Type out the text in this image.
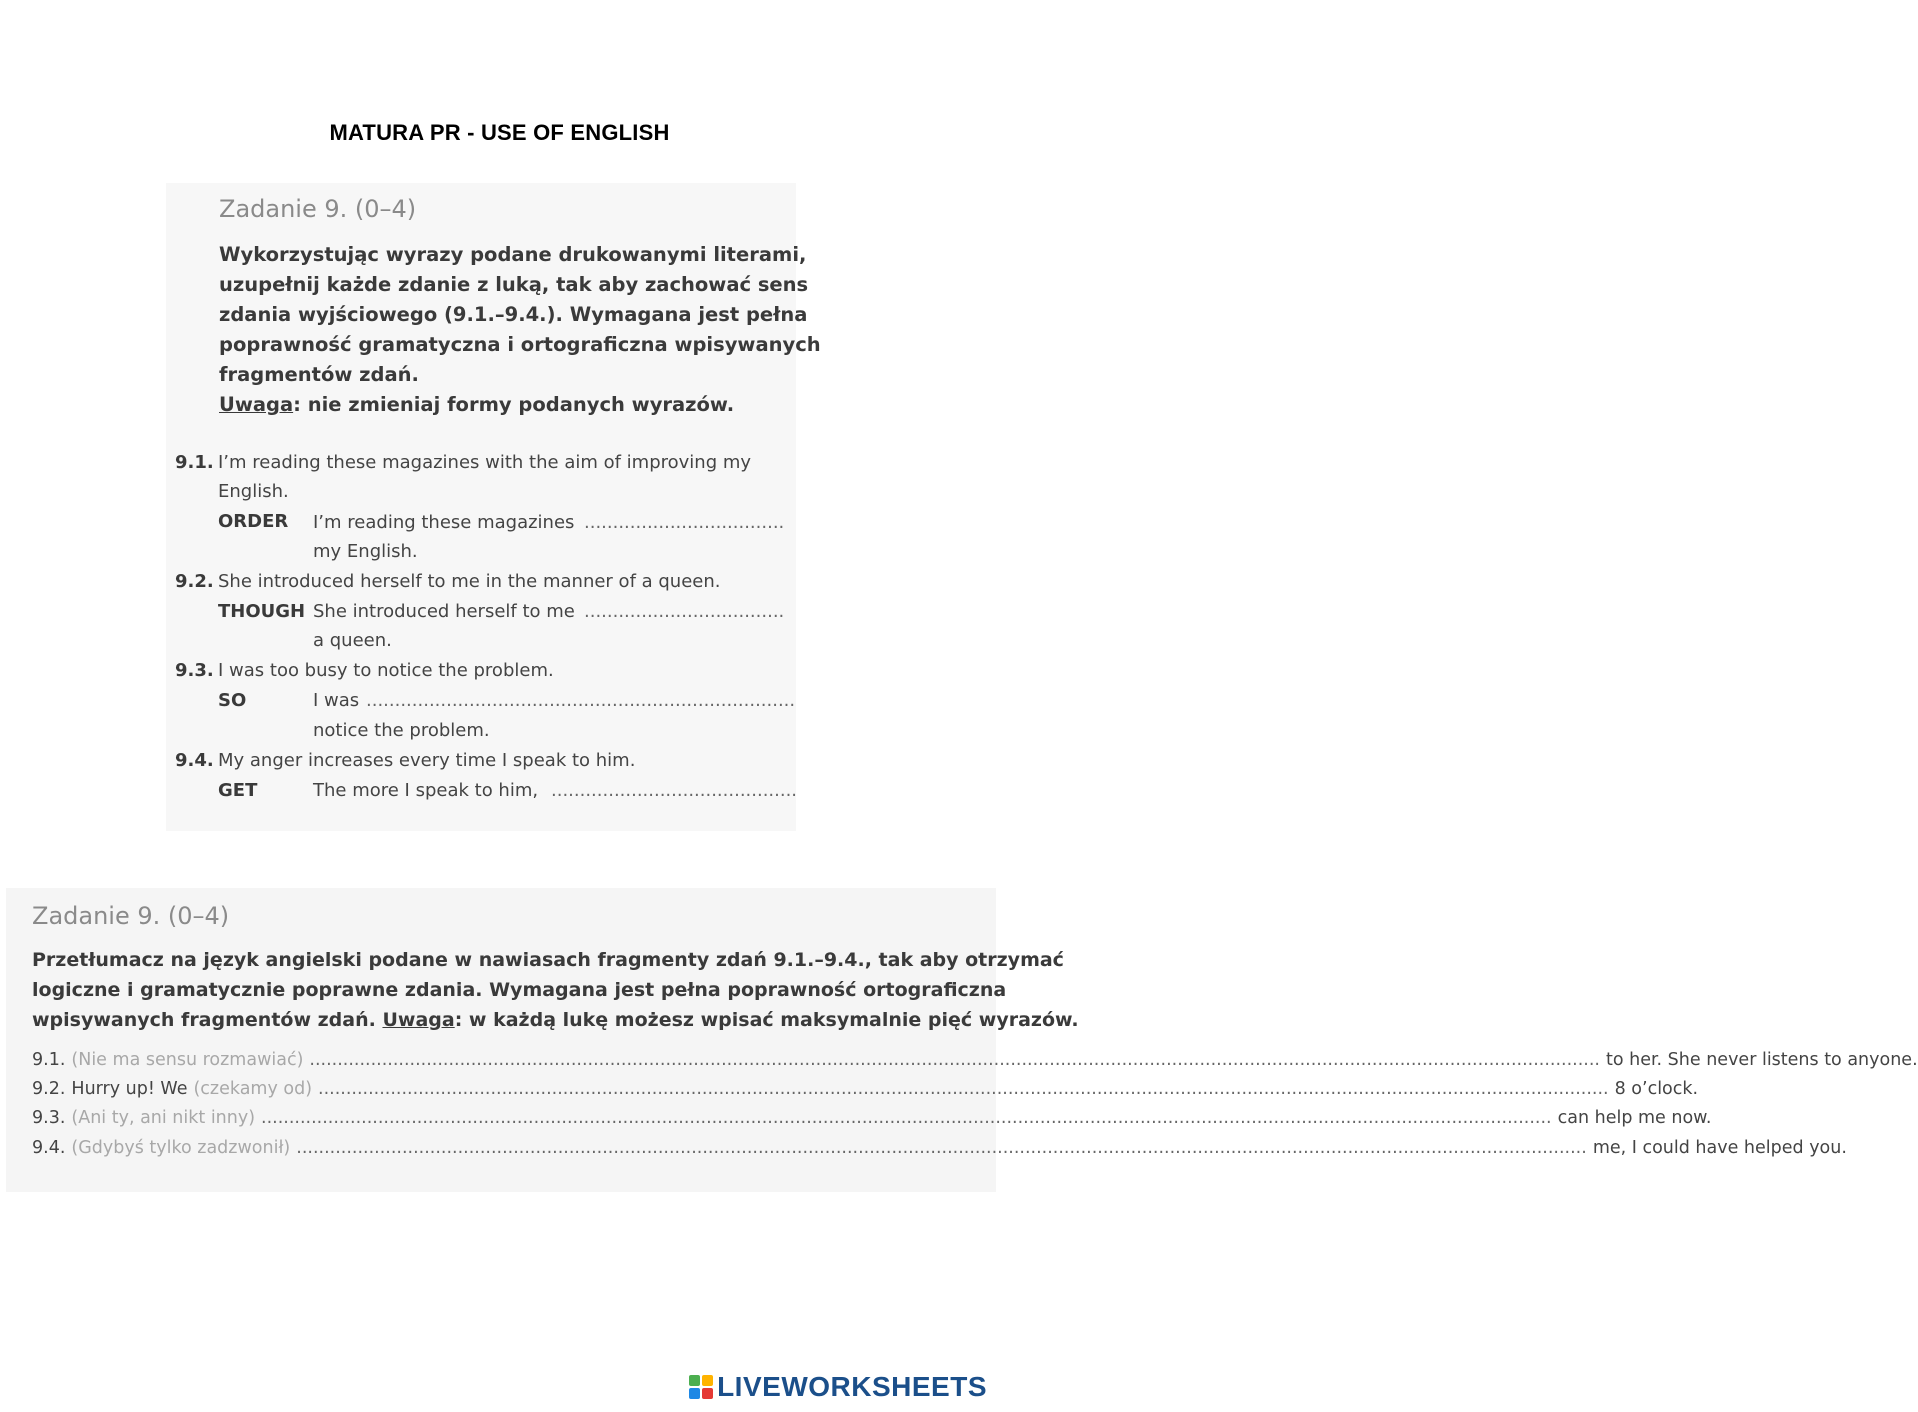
MATURA PR - USE OF ENGLISH
Zadanie 9. (0–4)
Wykorzystując wyrazy podane drukowanymi literami,
uzupełnij każde zdanie z luką, tak aby zachować sens
zdania wyjściowego (9.1.–9.4.). Wymagana jest pełna
poprawność gramatyczna i ortograficzna wpisywanych
fragmentów zdań.
Uwaga: nie zmieniaj formy podanych wyrazów.
9.1. I’m reading these magazines with the aim of improving my
English.
ORDER I’m reading these magazines ...................................
my English.
9.2. She introduced herself to me in the manner of a queen.
THOUGH She introduced herself to me ...................................
a queen.
9.3. I was too busy to notice the problem.
SO	I was ...........................................................................
notice the problem.
9.4. My anger increases every time I speak to him.
GET	The more I speak to him, ...........................................
Zadanie 9. (0–4)
Przetłumacz na język angielski podane w nawiasach fragmenty zdań 9.1.–9.4., tak aby otrzymać
logiczne i gramatycznie poprawne zdania. Wymagana jest pełna poprawność ortograficzna
wpisywanych fragmentów zdań. Uwaga: w każdą lukę możesz wpisać maksymalnie pięć wyrazów.
9.1. (Nie ma sensu rozmawiać) .....	to her. She never listens to anyone.
9.2. Hurry up! We (czekamy od) .....	8 o’clock.
9.3. (Ani ty, ani nikt inny) .....	can help me now.
9.4. (Gdybyś tylko zadzwonił) .....	me, I could have helped you.
LIVEWORKSHEETS
